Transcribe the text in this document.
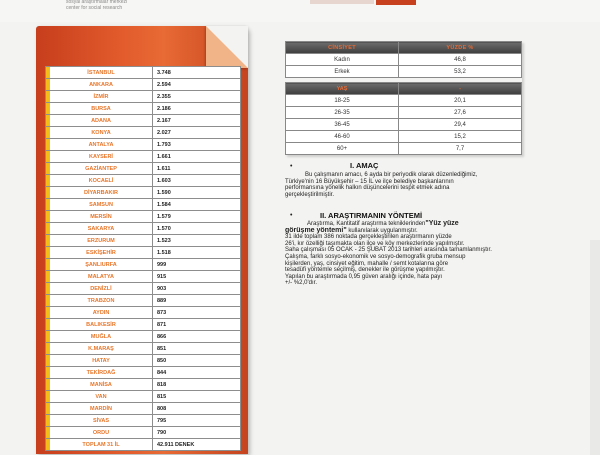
sosyal araştırmalar merkezi
center for social research
	İSTANBUL	3.748
	ANKARA	2.594
	İZMİR	2.355
	BURSA	2.186
	ADANA	2.167
	KONYA	2.027
	ANTALYA	1.793
	KAYSERİ	1.661
	GAZİANTEP	1.611
	KOCAELİ	1.603
	DİYARBAKIR	1.590
	SAMSUN	1.584
	MERSİN	1.579
	SAKARYA	1.570
	ERZURUM	1.523
	ESKİŞEHİR	1.518
	ŞANLIURFA	999
	MALATYA	915
	DENİZLİ	903
	TRABZON	889
	AYDIN	873
	BALIKESİR	871
	MUĞLA	866
	K.MARAŞ	851
	HATAY	850
	TEKİRDAĞ	844
	MANİSA	818
	VAN	815
	MARDİN	808
	SİVAS	795
	ORDU	790
	TOPLAM 31 İL	42.911 DENEK
CİNSİYET	YÜZDE %
Kadın	46,8
Erkek	53,2

YAŞ	-
18-25	20,1
26-35	27,6
36-45	29,4
46-60	15,2
60+	7,7
•	I. AMAÇ

Bu çalışmanın amacı, 6 ayda bir periyodik olarak düzenlediğimiz,

Türkiye'nin 16 Büyükşehir – 15 İL ve ilçe belediye başkanlarının

performansına yönelik halkın düşüncelerini tespit etmek adına

gerçekleştirilmiştir.

•	II. ARAŞTIRMANIN YÖNTEMİ

Araştırma, Kantitatif araştırma tekniklerinden"Yüz yüze

görüşme yöntemi" kullanılarak uygulanmıştır.

31 ilde toplam 386 noktada gerçekleştirilen araştırmanın yüzde

26'i, kır özelliği taşımakta olan ilçe ve köy merkezlerinde yapılmıştır.

Saha çalışması 05 OCAK - 25 ŞUBAT 2013 tarihleri arasında tamamlanmıştır.

Çalışma, farklı sosyo-ekonomik ve sosyo-demografik gruba mensup

kişilerden, yaş, cinsiyet eğitim, mahalle / semt kotalarına göre

tesadüfi yöntemle seçilmiş, denekler ile görüşme yapılmıştır.

Yapılan bu araştırmada 0,95 güven aralığı içinde, hata payı

+/- %2,0'dır.
